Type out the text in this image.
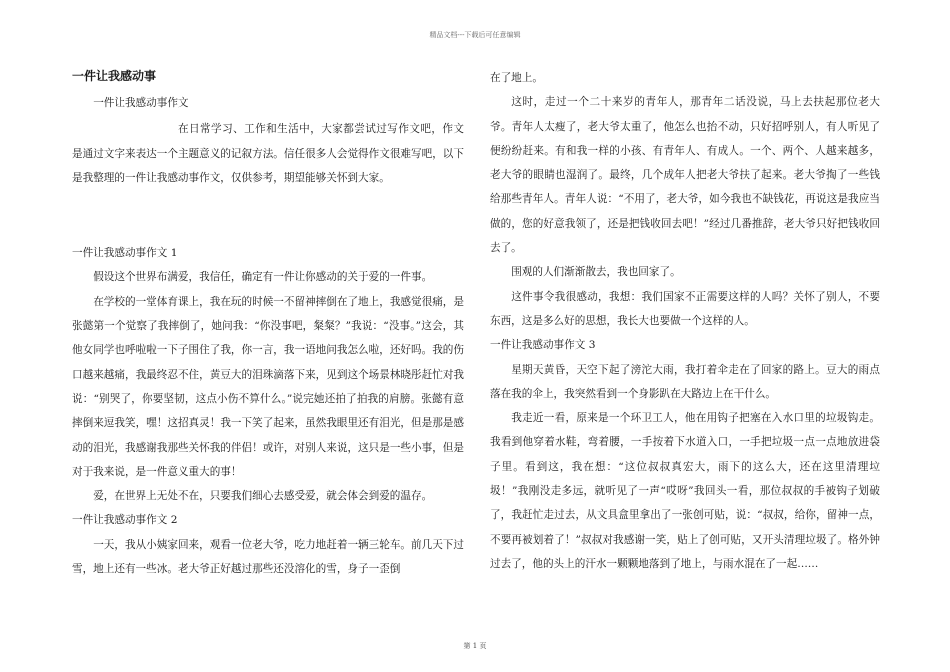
精品文档---下载后可任意编辑
一件让我感动事

一件让我感动事作文

在日常学习、工作和生活中，大家都尝试过写作文吧，作文是通过文字来表达一个主题意义的记叙方法。信任很多人会觉得作文很难写吧，以下是我整理的一件让我感动事作文，仅供参考，期望能够关怀到大家。

一件让我感动事作文 1

假设这个世界布满爱，我信任，确定有一件让你感动的关于爱的一件事。

在学校的一堂体育课上，我在玩的时候一不留神摔倒在了地上，我感觉很痛，是张懿第一个觉察了我摔倒了，她问我：“你没事吧，粲粲？”我说：“没事。”这会，其他女同学也呼啦啦一下子围住了我，你一言，我一语地问我怎么啦，还好吗。我的伤口越来越痛，我最终忍不住，黄豆大的泪珠滴落下来，见到这个场景林晓彤赶忙对我说：“别哭了，你要坚韧，这点小伤不算什么。”说完她还拍了拍我的肩膀。张懿有意摔倒来逗我笑，嘿！这招真灵！我一下笑了起来，虽然我眼里还有泪光，但是那是感动的泪光，我感谢我那些关怀我的伴侣！或许，对别人来说，这只是一些小事，但是对于我来说，是一件意义重大的事！

爱，在世界上无处不在，只要我们细心去感受爱，就会体会到爱的温存。

一件让我感动事作文 2

一天，我从小姨家回来，观看一位老大爷，吃力地赶着一辆三轮车。前几天下过雪，地上还有一些冰。老大爷正好越过那些还没溶化的雪，身子一歪倒

在了地上。

这时，走过一个二十来岁的青年人，那青年二话没说，马上去扶起那位老大爷。青年人太瘦了，老大爷太重了，他怎么也抬不动，只好招呼别人，有人听见了便纷纷赶来。有和我一样的小孩、有青年人、有成人。一个、两个、人越来越多，老大爷的眼睛也湿润了。最终，几个成年人把老大爷扶了起来。老大爷掏了一些钱给那些青年人。青年人说：“不用了，老大爷，如今我也不缺钱花，再说这是我应当做的，您的好意我领了，还是把钱收回去吧！”经过几番推辞，老大爷只好把钱收回去了。

围观的人们渐渐散去，我也回家了。

这件事令我很感动，我想：我们国家不正需要这样的人吗？关怀了别人，不要东西，这是多么好的思想，我长大也要做一个这样的人。

一件让我感动事作文 3

星期天黄昏，天空下起了滂沱大雨，我打着伞走在了回家的路上。豆大的雨点落在我的伞上，我突然看到一个身影趴在大路边上在干什么。

我走近一看，原来是一个环卫工人，他在用钩子把塞在入水口里的垃圾钩走。我看到他穿着水鞋，弯着腰，一手按着下水道入口，一手把垃圾一点一点地放进袋子里。看到这，我在想：“这位叔叔真宏大，雨下的这么大，还在这里清理垃圾！”我刚没走多远，就听见了一声“哎呀”我回头一看，那位叔叔的手被钩子划破了，我赶忙走过去，从文具盒里拿出了一张创可贴，说：“叔叔，给你，留神一点，不要再被划着了！”叔叔对我感谢一笑，贴上了创可贴，又开头清理垃圾了。格外钟过去了，他的头上的汗水一颗颗地落到了地上，与雨水混在了一起……

第 1 页
